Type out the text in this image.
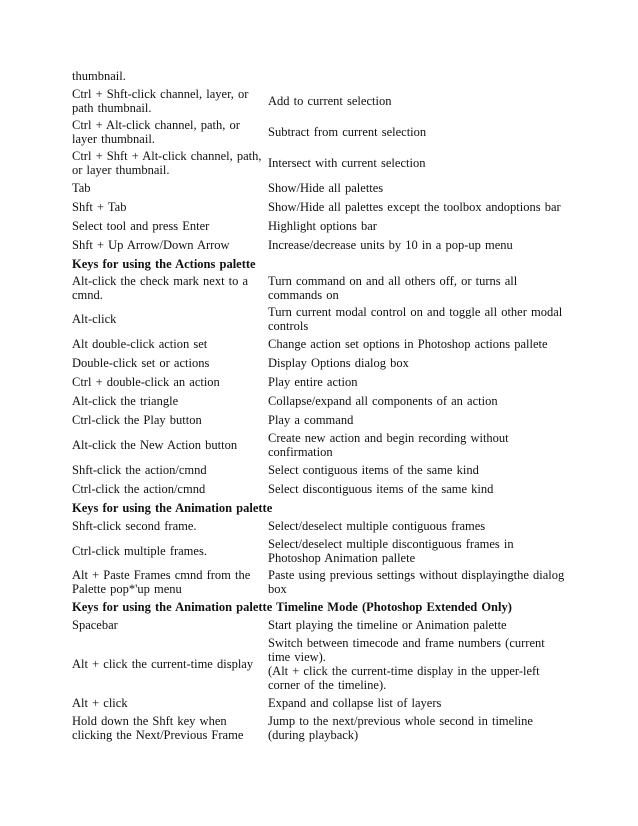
thumbnail.	

Ctrl + Shft-click channel, layer, or
path thumbnail.	Add to current selection

Ctrl + Alt-click channel, path, or
layer thumbnail.	Subtract from current selection

Ctrl + Shft + Alt-click channel, path,
or layer thumbnail.	Intersect with current selection

Tab	Show/Hide all palettes

Shft + Tab	Show/Hide all palettes except the toolbox andoptions bar

Select tool and press Enter	Highlight options bar

Shft + Up Arrow/Down Arrow	Increase/decrease units by 10 in a pop-up menu

Keys for using the Actions palette	

Alt-click the check mark next to a
cmnd.	Turn command on and all others off, or turns all
commands on

Alt-click	Turn current modal control on and toggle all other modal
controls

Alt double-click action set	Change action set options in Photoshop actions pallete

Double-click set or actions	Display Options dialog box

Ctrl + double-click an action	Play entire action

Alt-click the triangle	Collapse/expand all components of an action

Ctrl-click the Play button	Play a command

Alt-click the New Action button	Create new action and begin recording without
confirmation

Shft-click the action/cmnd	Select contiguous items of the same kind

Ctrl-click the action/cmnd	Select discontiguous items of the same kind

Keys for using the Animation palette	

Shft-click second frame.	Select/deselect multiple contiguous frames

Ctrl-click multiple frames.	Select/deselect multiple discontiguous frames in
Photoshop Animation pallete

Alt + Paste Frames cmnd from the
Palette pop*'up menu	Paste using previous settings without displayingthe dialog
box

Keys for using the Animation palette Timeline Mode (Photoshop Extended Only)	

Spacebar	Start playing the timeline or Animation palette

Alt + click the current-time display	Switch between timecode and frame numbers (current
time view).
(Alt + click the current-time display in the upper-left
corner of the timeline).

Alt + click	Expand and collapse list of layers

Hold down the Shft key when
clicking the Next/Previous Frame	Jump to the next/previous whole second in timeline
(during playback)
